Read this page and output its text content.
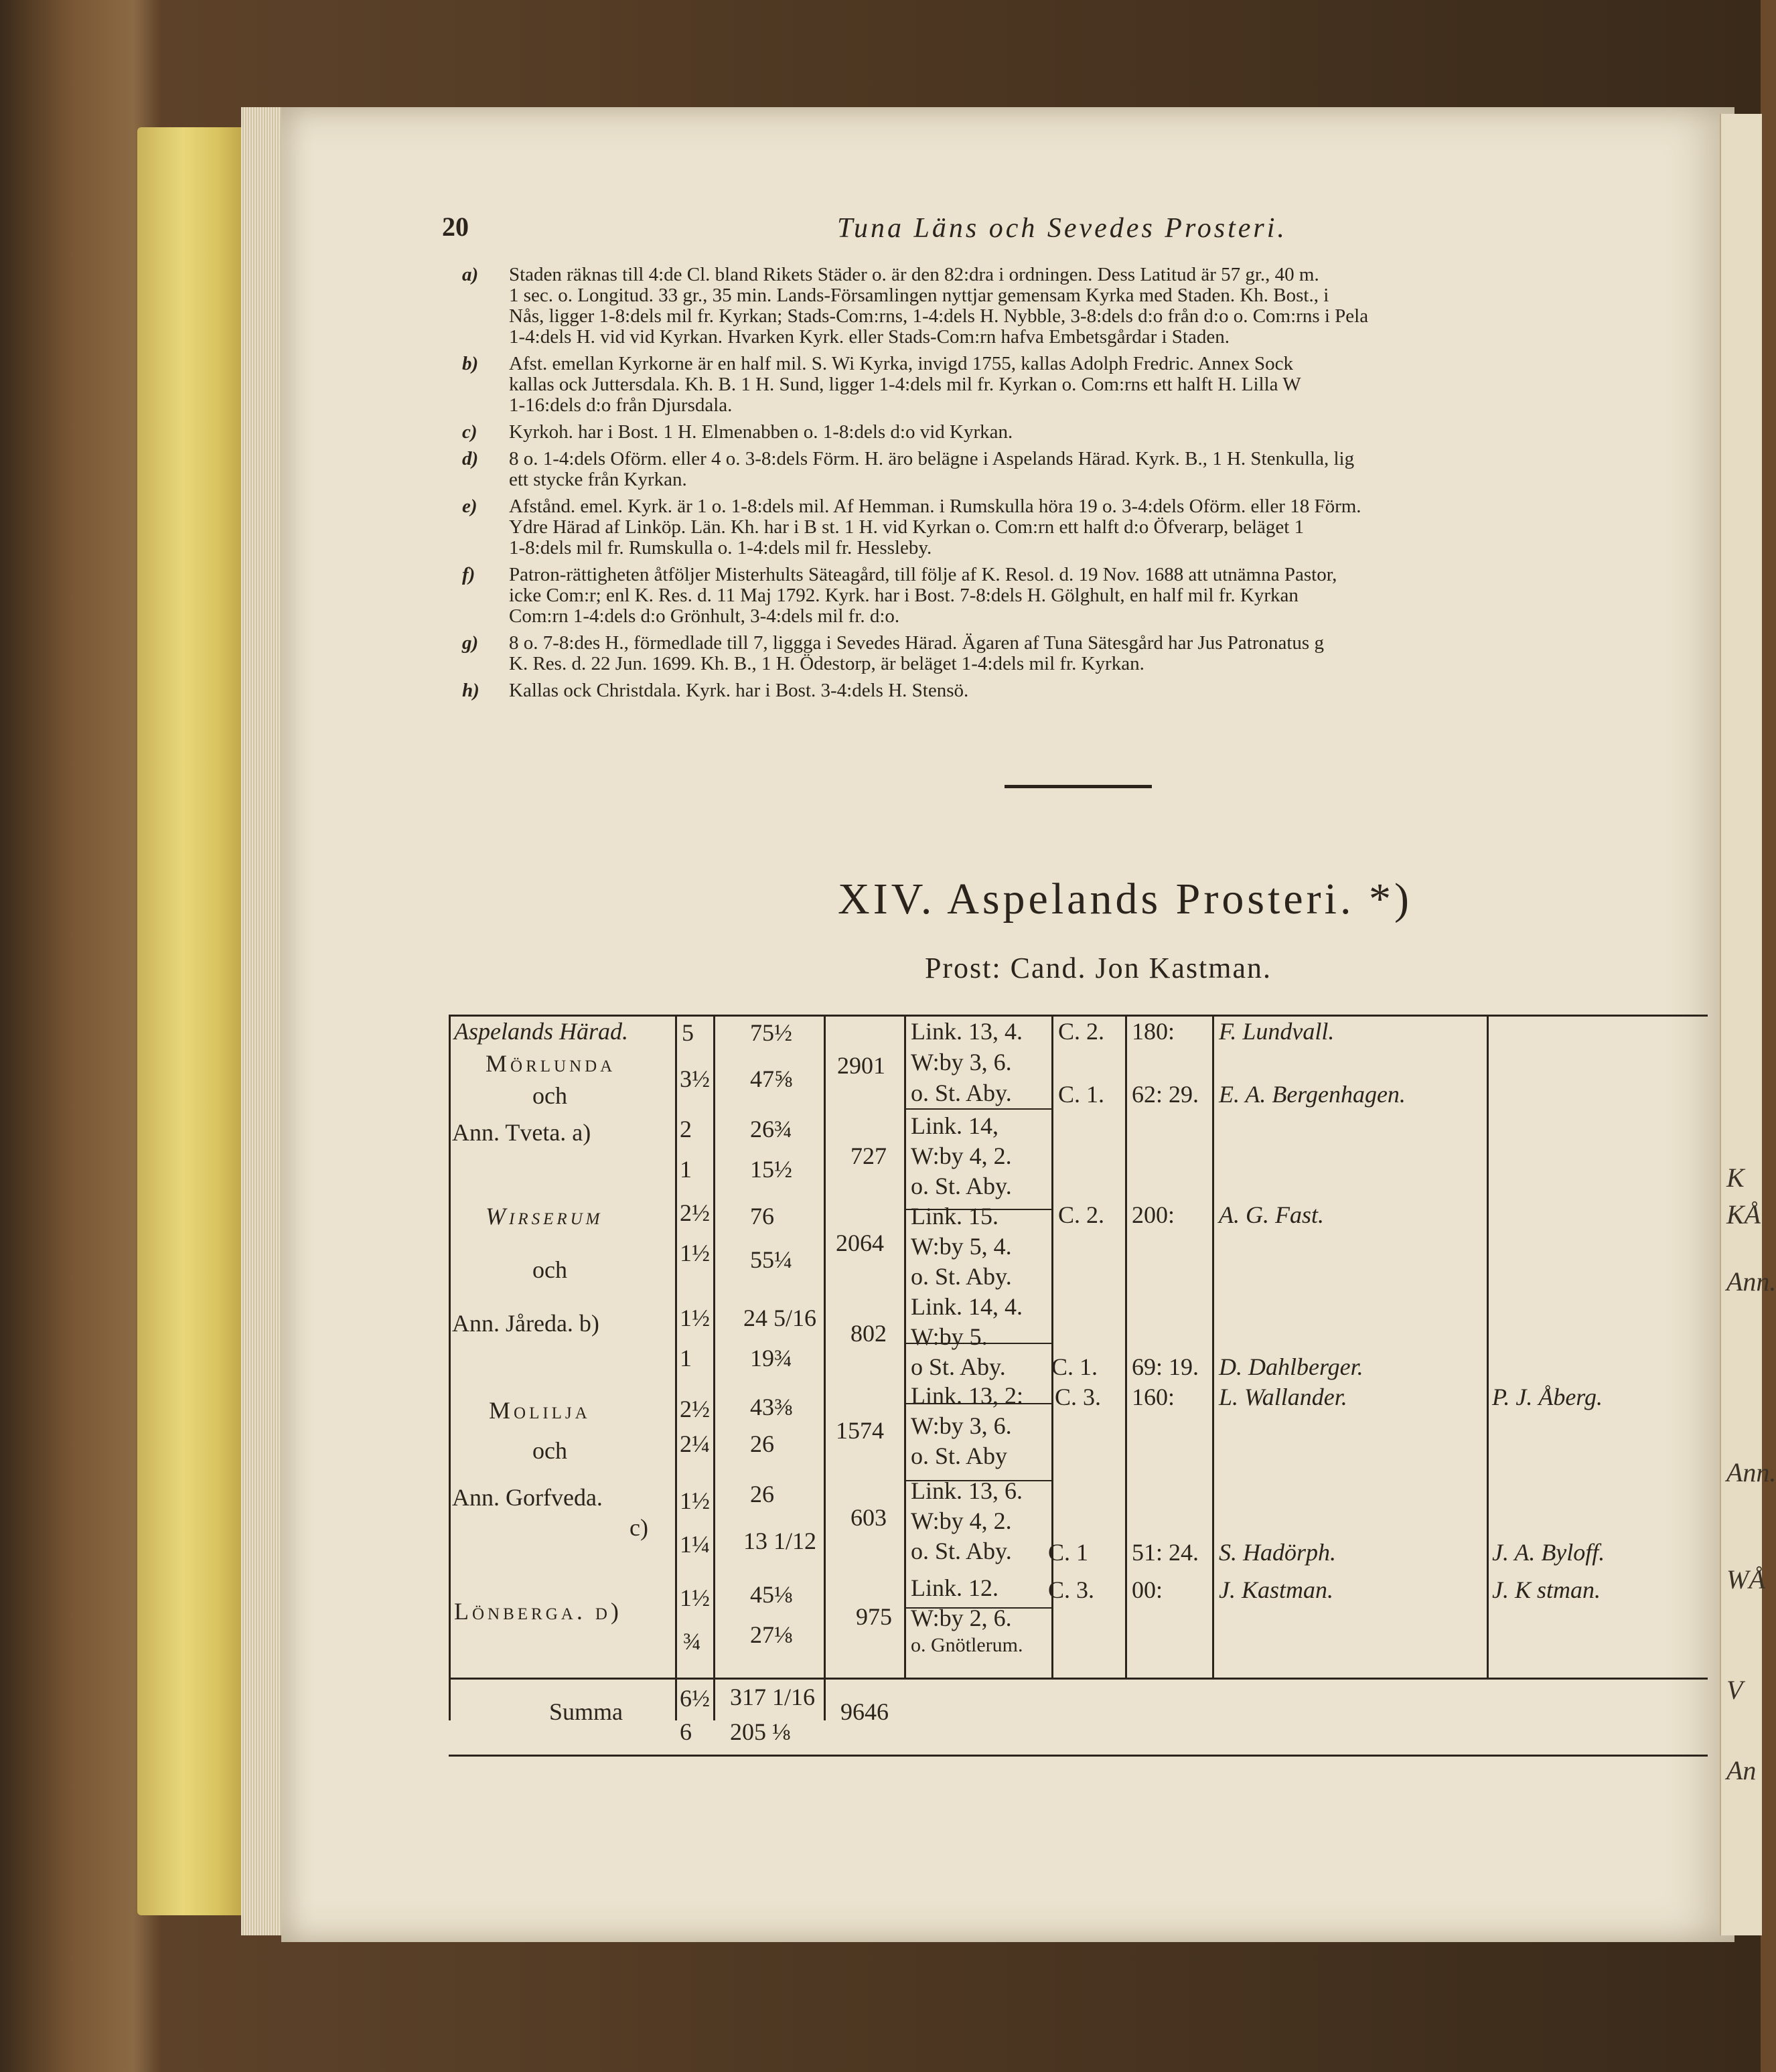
K
KÅ
Ann.
Ann.
WÅ
V
An
20	Tuna Läns och Sevedes Prosteri.
a) Staden räknas till 4:de Cl. bland Rikets Städer o. är den 82:dra i ordningen. Dess Latitud är 57 gr., 40 m.
1 sec. o. Longitud. 33 gr., 35 min. Lands-Församlingen nyttjar gemensam Kyrka med Staden. Kh. Bost., i
Nås, ligger 1-8:dels mil fr. Kyrkan; Stads-Com:rns, 1-4:dels H. Nybble, 3-8:dels d:o från d:o o. Com:rns i Pela
1-4:dels H. vid vid Kyrkan. Hvarken Kyrk. eller Stads-Com:rn hafva Embetsgårdar i Staden.
b) Afst. emellan Kyrkorne är en half mil. S. Wi Kyrka, invigd 1755, kallas Adolph Fredric. Annex Sock
kallas ock Juttersdala. Kh. B. 1 H. Sund, ligger 1-4:dels mil fr. Kyrkan o. Com:rns ett halft H. Lilla W
1-16:dels d:o från Djursdala.
c) Kyrkoh. har i Bost. 1 H. Elmenabben o. 1-8:dels d:o vid Kyrkan.
d) 8 o. 1-4:dels Oförm. eller 4 o. 3-8:dels Förm. H. äro belägne i Aspelands Härad. Kyrk. B., 1 H. Stenkulla, lig
ett stycke från Kyrkan.
e) Afstånd. emel. Kyrk. är 1 o. 1-8:dels mil. Af Hemman. i Rumskulla höra 19 o. 3-4:dels Oförm. eller 18 Förm.
Ydre Härad af Linköp. Län. Kh. har i B st. 1 H. vid Kyrkan o. Com:rn ett halft d:o Öfverarp, beläget 1
1-8:dels mil fr. Rumskulla o. 1-4:dels mil fr. Hessleby.
f) Patron-rättigheten åtföljer Misterhults Säteagård, till följe af K. Resol. d. 19 Nov. 1688 att utnämna Pastor,
icke Com:r; enl K. Res. d. 11 Maj 1792. Kyrk. har i Bost. 7-8:dels H. Gölghult, en half mil fr. Kyrkan
Com:rn 1-4:dels d:o Grönhult, 3-4:dels mil fr. d:o.
g) 8 o. 7-8:des H., förmedlade till 7, liggga i Sevedes Härad. Ägaren af Tuna Sätesgård har Jus Patronatus g
K. Res. d. 22 Jun. 1699. Kh. B., 1 H. Ödestorp, är beläget 1-4:dels mil fr. Kyrkan.
h) Kallas ock Christdala. Kyrk. har i Bost. 3-4:dels H. Stensö.
XIV. Aspelands Prosteri. *)
Prost: Cand. Jon Kastman.
Aspelands Härad. 5 75½
Mörlunda
och
Ann. Tveta. a)
3½ 47⅝
2 26¾
1 15½
2901
727
Link. 13, 4.
W:by 3, 6.
o. St. Aby.
Link. 14,
W:by 4, 2.
o. St. Aby.
C. 2.
C. 1.
180:
62: 29.
F. Lundvall.
E. A. Bergenhagen.
Wirserum
och
Ann. Jåreda. b)
2½ 76
1½ 55¼
1½ 24 5/16
1 19¾
2064
802
Link. 15.
W:by 5, 4.
o. St. Aby.
Link. 14, 4.
W:by 5.
o St. Aby.
C. 2.
C. 1.
200:
69: 19.
A. G. Fast.
D. Dahlberger.
Molilja
och
Ann. Gorfveda.
c)
2½ 43⅜
2¼ 26
1½ 26
1¼ 13 1/12
1574
603
Link. 13, 2:
W:by 3, 6.
o. St. Aby
Link. 13, 6.
W:by 4, 2.
o. St. Aby.
C. 3.
C. 1
160:
51: 24.
L. Wallander.
S. Hadörph.
P. J. Åberg.
J. A. Byloff.
Lönberga. d) 1½ 45⅛
¾ 27⅛
975
Link. 12.
W:by 2, 6.
o. Gnötlerum.
C. 3. 00: J. Kastman.	J. K stman.
Summa 6½
6
317 1/16
205 ⅛
9646
